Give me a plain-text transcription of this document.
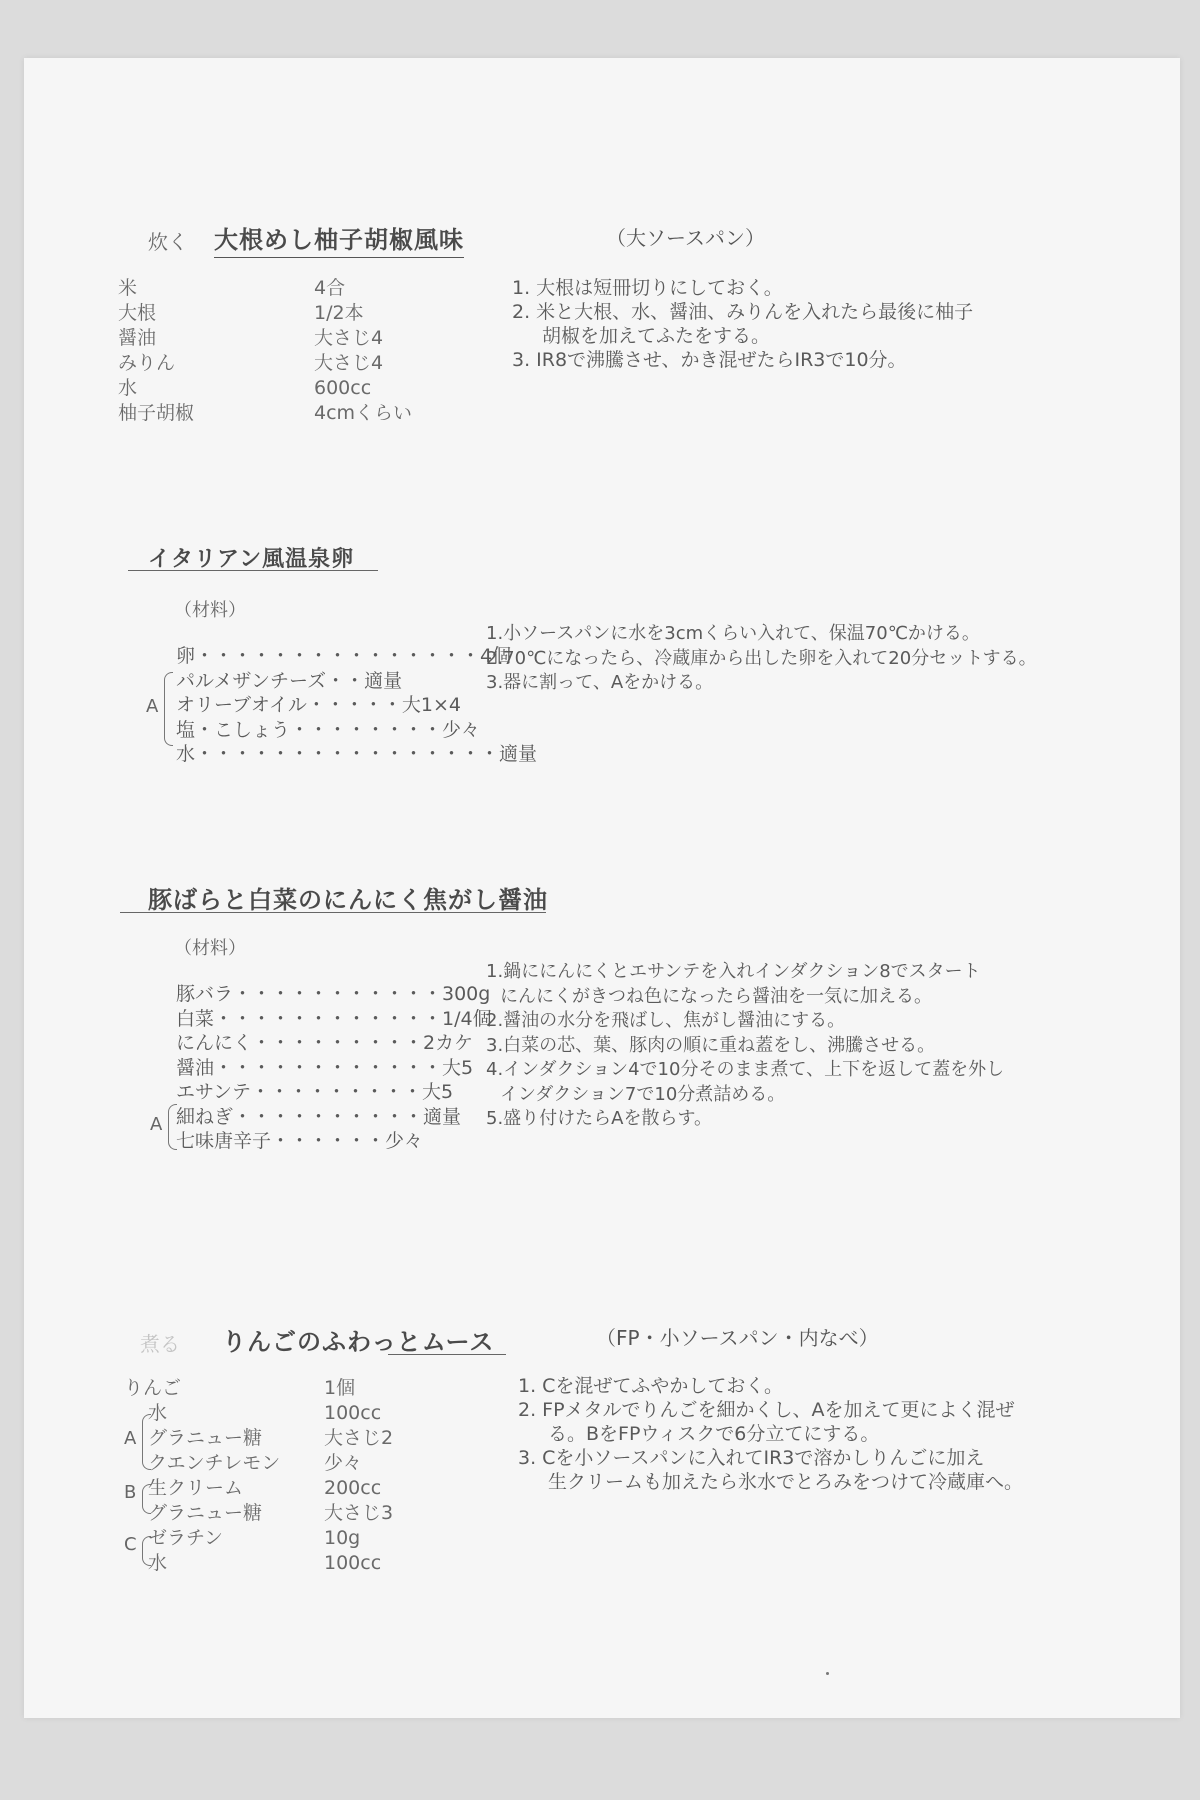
炊く 大根めし柚子胡椒風味	（大ソースパン）
米	4合
大根	1/2本
醤油	大さじ4
みりん	大さじ4
水	600cc
柚子胡椒	4cmくらい
1. 大根は短冊切りにしておく。
2. 米と大根、水、醤油、みりんを入れたら最後に柚子
胡椒を加えてふたをする。
3. IR8で沸騰させ、かき混ぜたらIR3で10分。
イタリアン風温泉卵
（材料）
A
卵・・・・・・・・・・・・・・・4個
パルメザンチーズ・・適量
オリーブオイル・・・・・大1×4
塩・こしょう・・・・・・・・少々
水・・・・・・・・・・・・・・・・適量
1.小ソースパンに水を3cmくらい入れて、保温70℃かける。
2.70℃になったら、冷蔵庫から出した卵を入れて20分セットする。
3.器に割って、Aをかける。
豚ばらと白菜のにんにく焦がし醤油
（材料）
A
豚バラ・・・・・・・・・・・300g
白菜・・・・・・・・・・・・1/4個
にんにく・・・・・・・・・2カケ
醤油・・・・・・・・・・・・大5
エサンテ・・・・・・・・・大5
細ねぎ・・・・・・・・・・適量
七味唐辛子・・・・・・少々
1.鍋ににんにくとエサンテを入れインダクション8でスタート
にんにくがきつね色になったら醤油を一気に加える。
2.醤油の水分を飛ばし、焦がし醤油にする。
3.白菜の芯、葉、豚肉の順に重ね蓋をし、沸騰させる。
4.インダクション4で10分そのまま煮て、上下を返して蓋を外し
インダクション7で10分煮詰める。
5.盛り付けたらAを散らす。
煮る りんごのふわっとムース	（FP・小ソースパン・内なべ）
A
B
C
りんご	1個
水	100cc
グラニュー糖	大さじ2
クエンチレモン	少々
生クリーム	200cc
グラニュー糖	大さじ3
ゼラチン	10g
水	100cc
1. Cを混ぜてふやかしておく。
2. FPメタルでりんごを細かくし、Aを加えて更によく混ぜ
る。BをFPウィスクで6分立てにする。
3. Cを小ソースパンに入れてIR3で溶かしりんごに加え
生クリームも加えたら氷水でとろみをつけて冷蔵庫へ。
